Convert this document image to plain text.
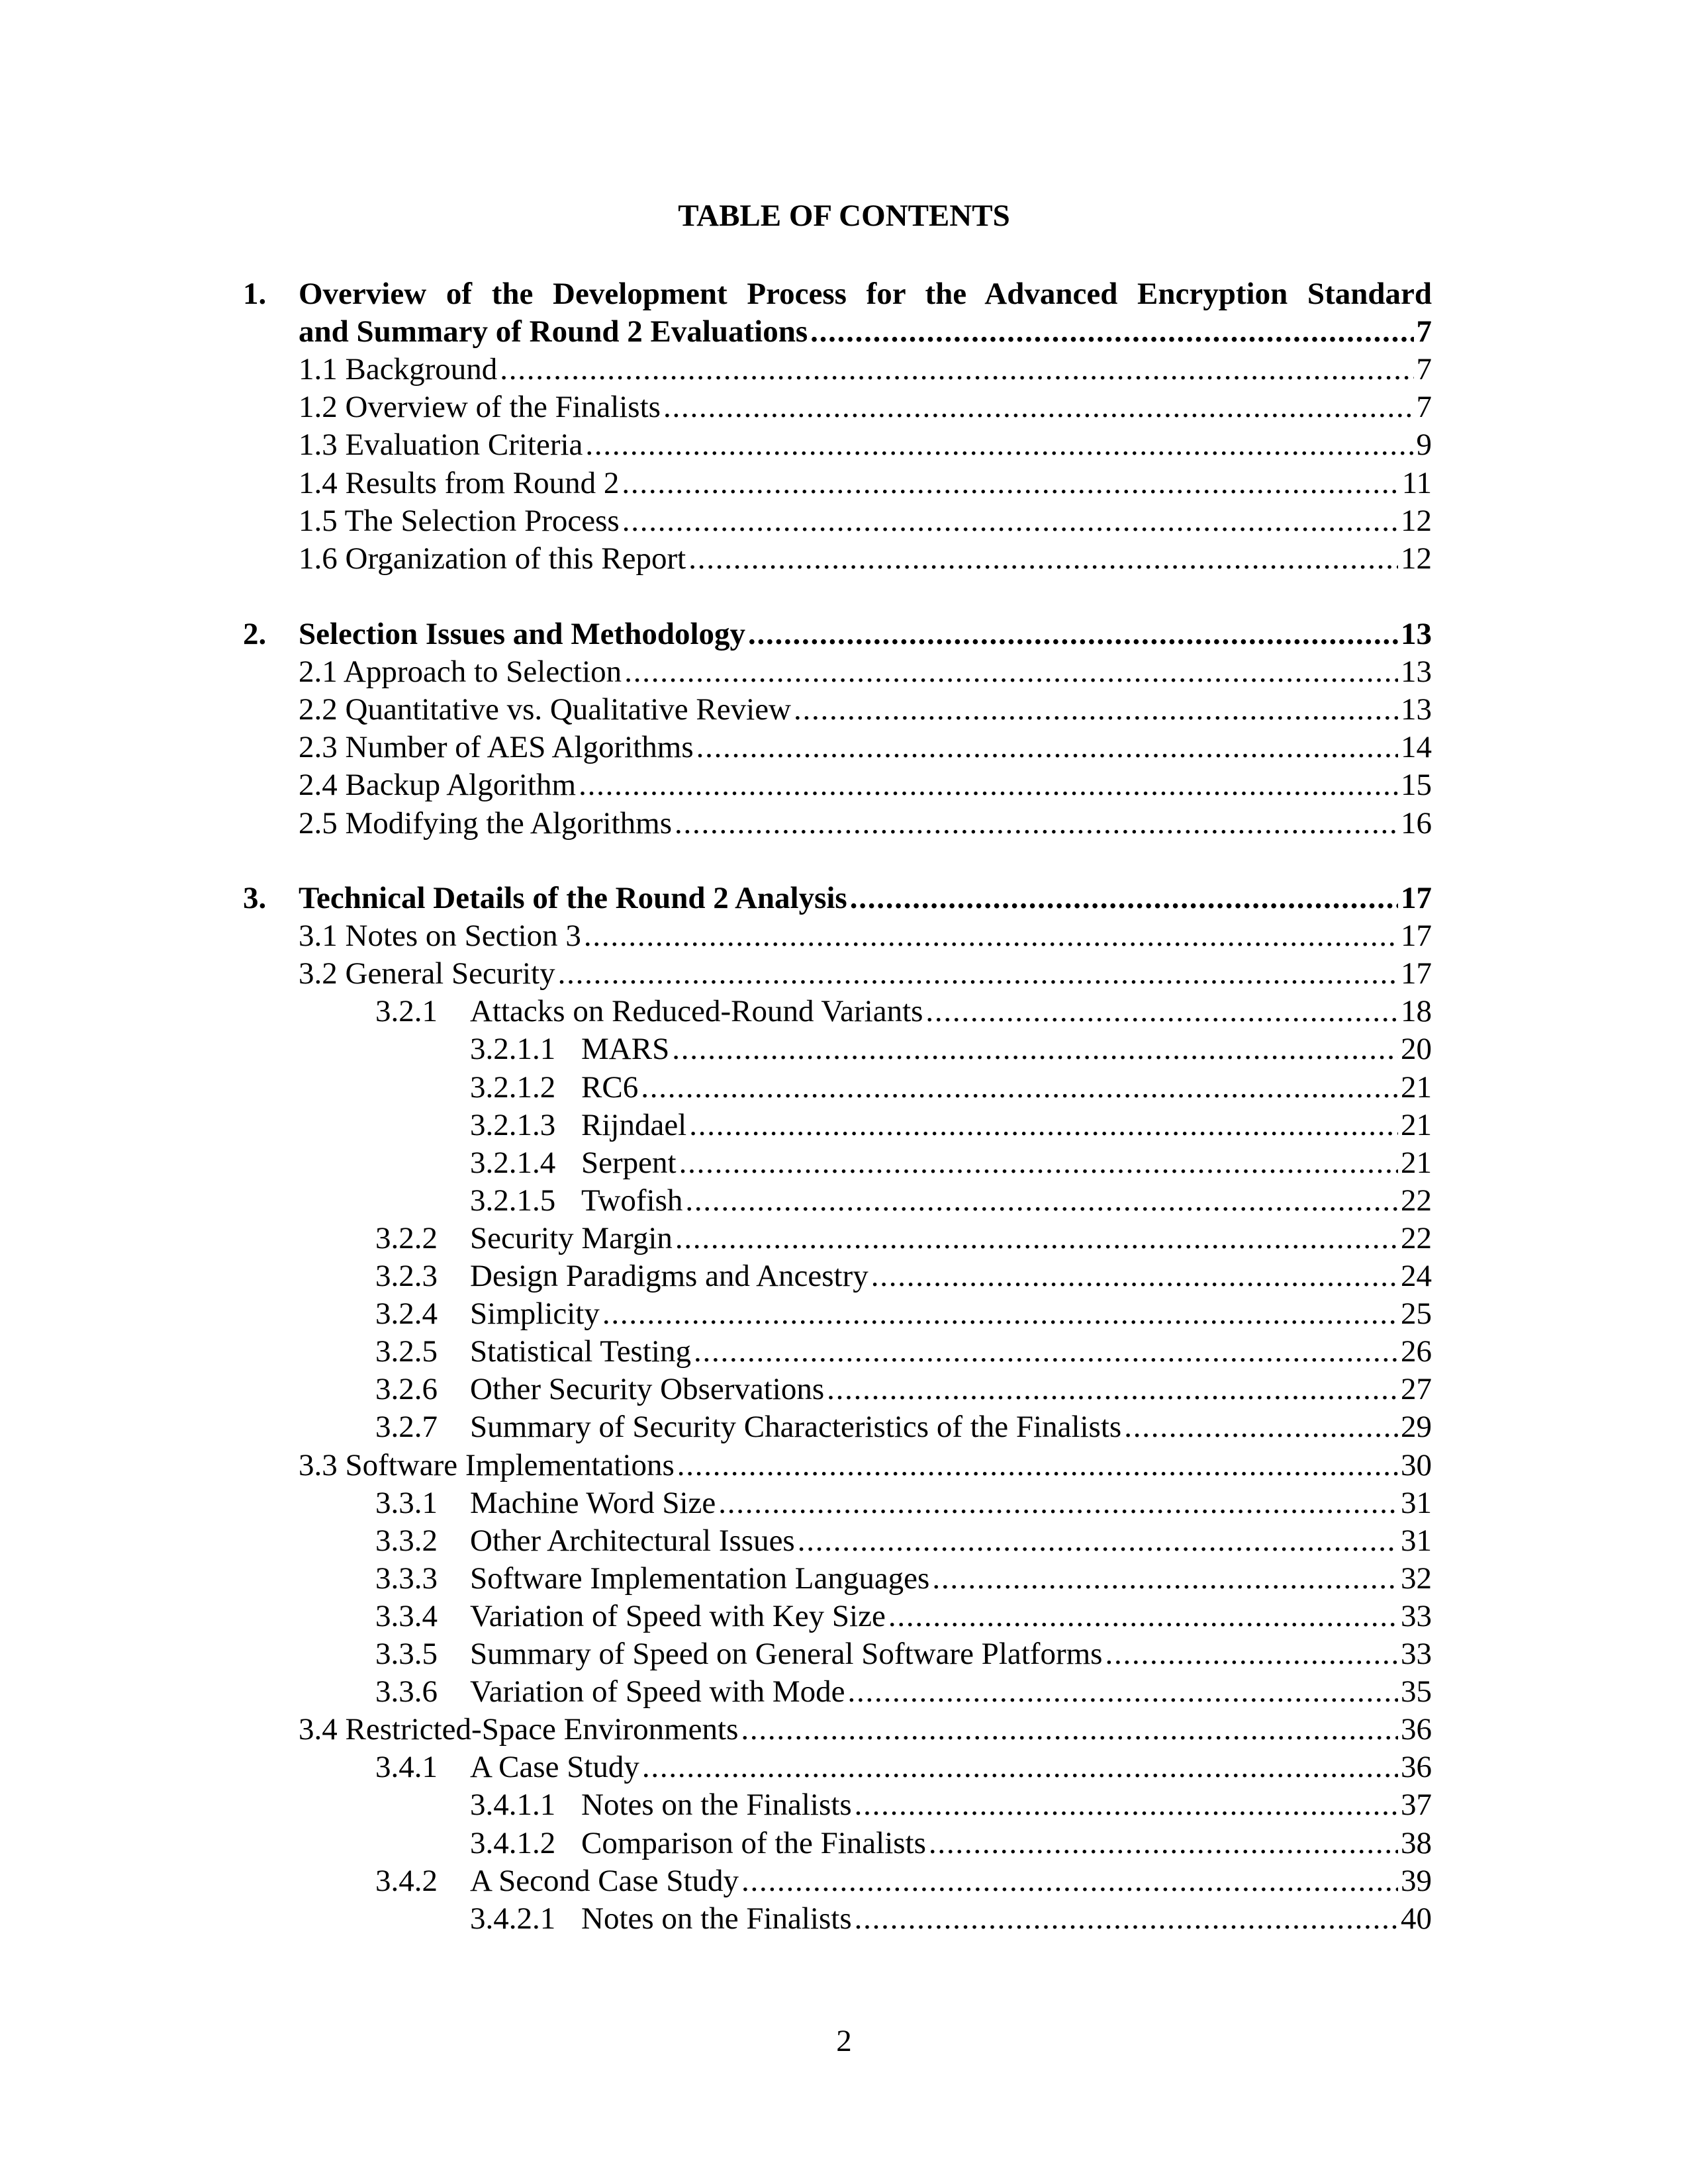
TABLE OF CONTENTS
1. Overview of the Development Process for the Advanced Encryption Standard
and Summary of Round 2 Evaluations . . .	7
1.1 Background . . .	7
1.2 Overview of the Finalists . . .	7
1.3 Evaluation Criteria . . .	9
1.4 Results from Round 2 . . .	11
1.5 The Selection Process . . .	12
1.6 Organization of this Report . . .	12
2. Selection Issues and Methodology . . .	13
2.1 Approach to Selection . . .	13
2.2 Quantitative vs. Qualitative Review . . .	13
2.3 Number of AES Algorithms . . .	14
2.4 Backup Algorithm . . .	15
2.5 Modifying the Algorithms . . .	16
3. Technical Details of the Round 2 Analysis . . .	17
3.1 Notes on Section 3 . . .	17
3.2 General Security . . .	17
3.2.1	Attacks on Reduced-Round Variants . . .	18
3.2.1.1 MARS . . .	20
3.2.1.2 RC6 . . .	21
3.2.1.3 Rijndael . . .	21
3.2.1.4 Serpent . . .	21
3.2.1.5 Twofish . . .	22
3.2.2	Security Margin . . .	22
3.2.3	Design Paradigms and Ancestry . . .	24
3.2.4	Simplicity . . .	25
3.2.5	Statistical Testing . . .	26
3.2.6	Other Security Observations . . .	27
3.2.7	Summary of Security Characteristics of the Finalists . . .	29
3.3 Software Implementations . . .	30
3.3.1	Machine Word Size . . .	31
3.3.2	Other Architectural Issues . . .	31
3.3.3	Software Implementation Languages . . .	32
3.3.4	Variation of Speed with Key Size . . .	33
3.3.5	Summary of Speed on General Software Platforms . . .	33
3.3.6	Variation of Speed with Mode . . .	35
3.4 Restricted-Space Environments . . .	36
3.4.1	A Case Study . . .	36
3.4.1.1 Notes on the Finalists . . .	37
3.4.1.2 Comparison of the Finalists . . .	38
3.4.2	A Second Case Study . . .	39
3.4.2.1 Notes on the Finalists . . .	40
2
